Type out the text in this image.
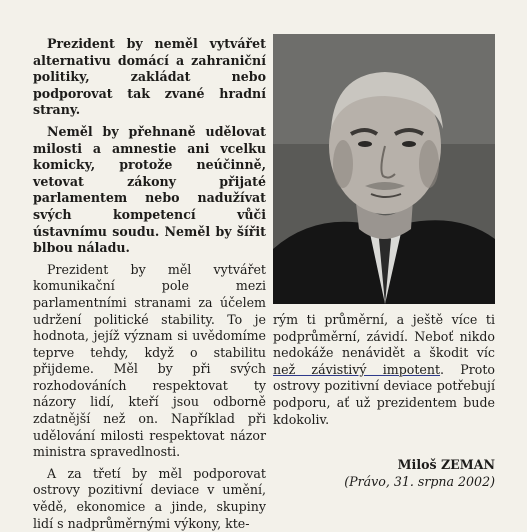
Prezident by neměl vytvářet alternativu domácí a zahraniční politiky, zakládat nebo podporovat tak zvané hradní strany.

Neměl by přehnaně udělovat milosti a amnestie ani vcelku komicky, protože neúčinně, vetovat zákony přijaté parlamentem nebo nadužívat svých kompetencí vůči ústavnímu soudu. Neměl by šířit blbou náladu.

Prezident by měl vytvářet komunikační pole mezi parlamentními stranami za účelem udržení politické stability. To je hodnota, jejíž význam si uvědomíme teprve tehdy, když o stabilitu přijdeme. Měl by při svých rozhodováních respektovat ty názory lidí, kteří jsou odborně zdatnější než on. Například při udělování milosti respektovat názor ministra spravedlnosti.

A za třetí by měl podporovat ostrovy pozitivní deviace v umění, vědě, ekonomice a jinde, skupiny lidí s nadprůměrnými výkony, kte-

rým ti průměrní, a ještě více ti podprůměrní, závidí. Neboť nikdo nedokáže nenávidět a škodit víc než závistivý impotent. Proto ostrovy pozitivní deviace potřebují podporu, ať už prezidentem bude kdokoliv.

Miloš ZEMAN
(Právo, 31. srpna 2002)
